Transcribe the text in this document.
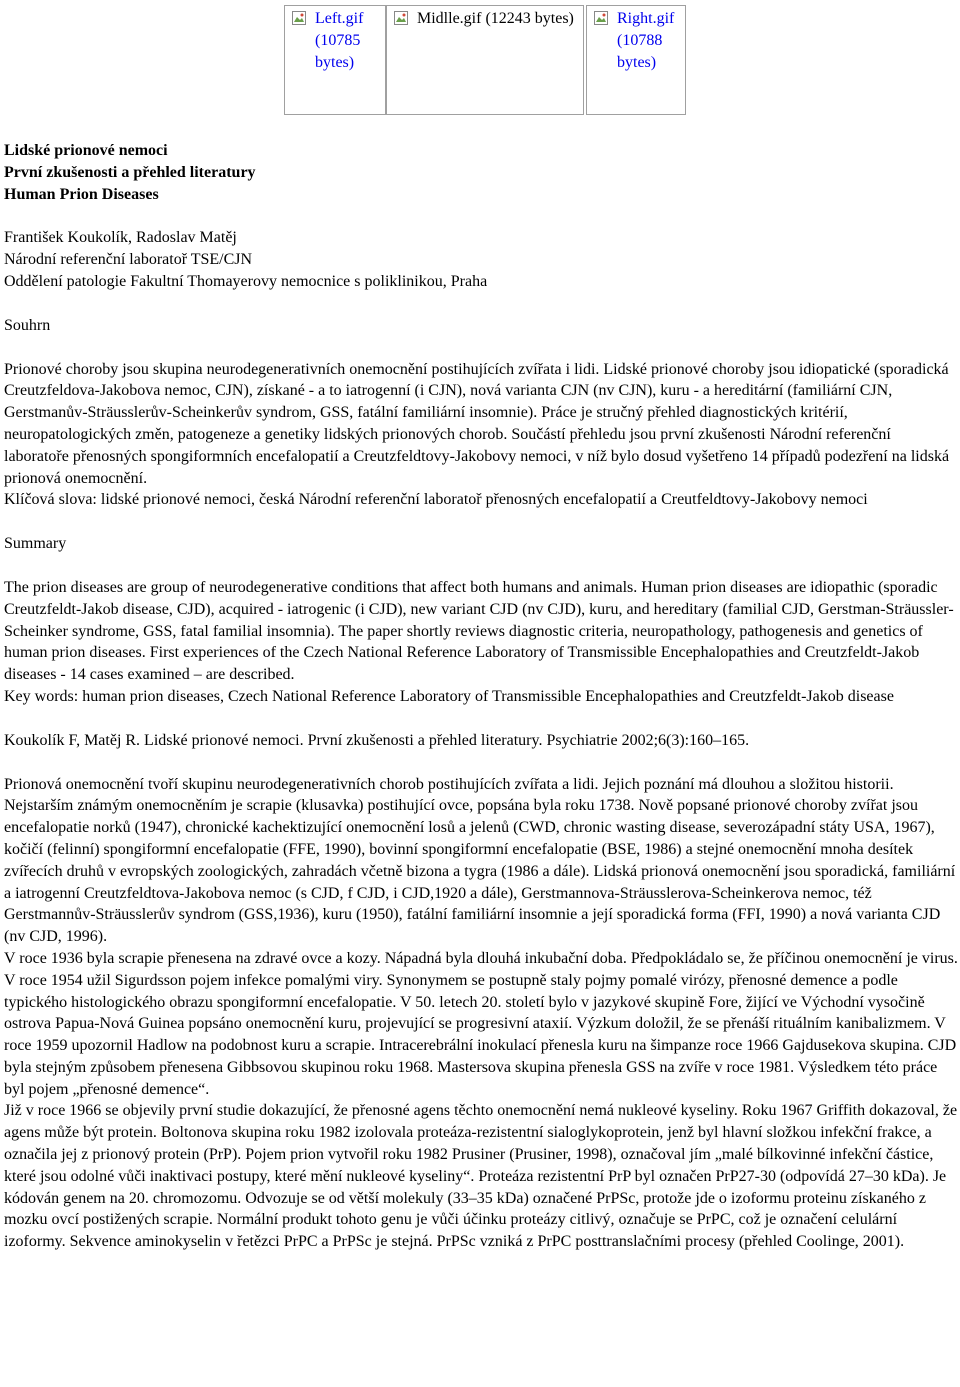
Left.gif (10785 bytes)
Midlle.gif (12243 bytes)	Right.gif (10788 bytes)
Lidské prionové nemoci
První zkušenosti a přehled literatury
Human Prion Diseases
František Koukolík, Radoslav Matěj
Národní referenční laboratoř TSE/CJN
Oddělení patologie Fakultní Thomayerovy nemocnice s poliklinikou, Praha
Souhrn

Prionové choroby jsou skupina neurodegenerativních onemocnění postihujících zvířata i lidi. Lidské prionové choroby jsou idiopatické (sporadická Creutzfeldova-Jakobova nemoc, CJN), získané - a to iatrogenní (i CJN), nová varianta CJN (nv CJN), kuru - a hereditární (familiární CJN, Gerstmanův-Sträusslerův-Scheinkerův syndrom, GSS, fatální familiární insomnie). Práce je stručný přehled diagnostických kritérií, neuropatologických změn, patogeneze a genetiky lidských prionových chorob. Součástí přehledu jsou první zkušenosti Národní referenční laboratoře přenosných spongiformních encefalopatií a Creutzfeldtovy-Jakobovy nemoci, v níž bylo dosud vyšetřeno 14 případů podezření na lidská prionová onemocnění.

Klíčová slova: lidské prionové nemoci, česká Národní referenční laboratoř přenosných encefalopatií a Creutfeldtovy-Jakobovy nemoci

Summary

The prion diseases are group of neurodegenerative conditions that affect both humans and animals. Human prion diseases are idiopathic (sporadic Creutzfeldt-Jakob disease, CJD), acquired - iatrogenic (i CJD), new variant CJD (nv CJD), kuru, and hereditary (familial CJD, Gerstman-Sträussler-Scheinker syndrome, GSS, fatal familial insomnia). The paper shortly reviews diagnostic criteria, neuropathology, pathogenesis and genetics of human prion diseases. First experiences of the Czech National Reference Laboratory of Transmissible Encephalopathies and Creutzfeldt-Jakob diseases - 14 cases examined – are described.

Key words: human prion diseases, Czech National Reference Laboratory of Transmissible Encephalopathies and Creutzfeldt-Jakob disease

Koukolík F, Matěj R. Lidské prionové nemoci. První zkušenosti a přehled literatury. Psychiatrie 2002;6(3):160–165.

Prionová onemocnění tvoří skupinu neurodegenerativních chorob postihujících zvířata a lidi. Jejich poznání má dlouhou a složitou historii. Nejstarším známým onemocněním je scrapie (klusavka) postihující ovce, popsána byla roku 1738. Nově popsané prionové choroby zvířat jsou encefalopatie norků (1947), chronické kachektizující onemocnění losů a jelenů (CWD, chronic wasting disease, severozápadní státy USA, 1967), kočičí (felinní) spongiformní encefalopatie (FFE, 1990), bovinní spongiformní encefalopatie (BSE, 1986) a stejné onemocnění mnoha desítek zvířecích druhů v evropských zoologických, zahradách včetně bizona a tygra (1986 a dále). Lidská prionová onemocnění jsou sporadická, familiární a iatrogenní Creutzfeldtova-Jakobova nemoc (s CJD, f CJD, i CJD,1920 a dále), Gerstmannova-Sträusslerova-Scheinkerova nemoc, též Gerstmannův-Sträusslerův syndrom (GSS,1936), kuru (1950), fatální familiární insomnie a její sporadická forma (FFI, 1990) a nová varianta CJD (nv CJD, 1996).

V roce 1936 byla scrapie přenesena na zdravé ovce a kozy. Nápadná byla dlouhá inkubační doba. Předpokládalo se, že příčinou onemocnění je virus. V roce 1954 užil Sigurdsson pojem infekce pomalými viry. Synonymem se postupně staly pojmy pomalé virózy, přenosné demence a podle typického histologického obrazu spongiformní encefalopatie. V 50. letech 20. století bylo v jazykové skupině Fore, žijící ve Východní vysočině ostrova Papua-Nová Guinea popsáno onemocnění kuru, projevující se progresivní ataxií. Výzkum doložil, že se přenáší rituálním kanibalizmem. V roce 1959 upozornil Hadlow na podobnost kuru a scrapie. Intracerebrální inokulací přenesla kuru na šimpanze roce 1966 Gajdusekova skupina. CJD byla stejným způsobem přenesena Gibbsovou skupinou roku 1968. Mastersova skupina přenesla GSS na zvíře v roce 1981. Výsledkem této práce byl pojem „přenosné demence“.

Již v roce 1966 se objevily první studie dokazující, že přenosné agens těchto onemocnění nemá nukleové kyseliny. Roku 1967 Griffith dokazoval, že agens může být protein. Boltonova skupina roku 1982 izolovala proteáza-rezistentní sialoglykoprotein, jenž byl hlavní složkou infekční frakce, a označila jej z prionový protein (PrP). Pojem prion vytvořil roku 1982 Prusiner (Prusiner, 1998), označoval jím „malé bílkovinné infekční částice, které jsou odolné vůči inaktivaci postupy, které mění nukleové kyseliny“. Proteáza rezistentní PrP byl označen PrP27-30 (odpovídá 27–30 kDa). Je kódován genem na 20. chromozomu. Odvozuje se od větší molekuly (33–35 kDa) označené PrPSc, protože jde o izoformu proteinu získaného z mozku ovcí postižených scrapie. Normální produkt tohoto genu je vůči účinku proteázy citlivý, označuje se PrPC, což je označení celulární izoformy. Sekvence aminokyselin v řetězci PrPC a PrPSc je stejná. PrPSc vzniká z PrPC posttranslačními procesy (přehled Coolinge, 2001).
